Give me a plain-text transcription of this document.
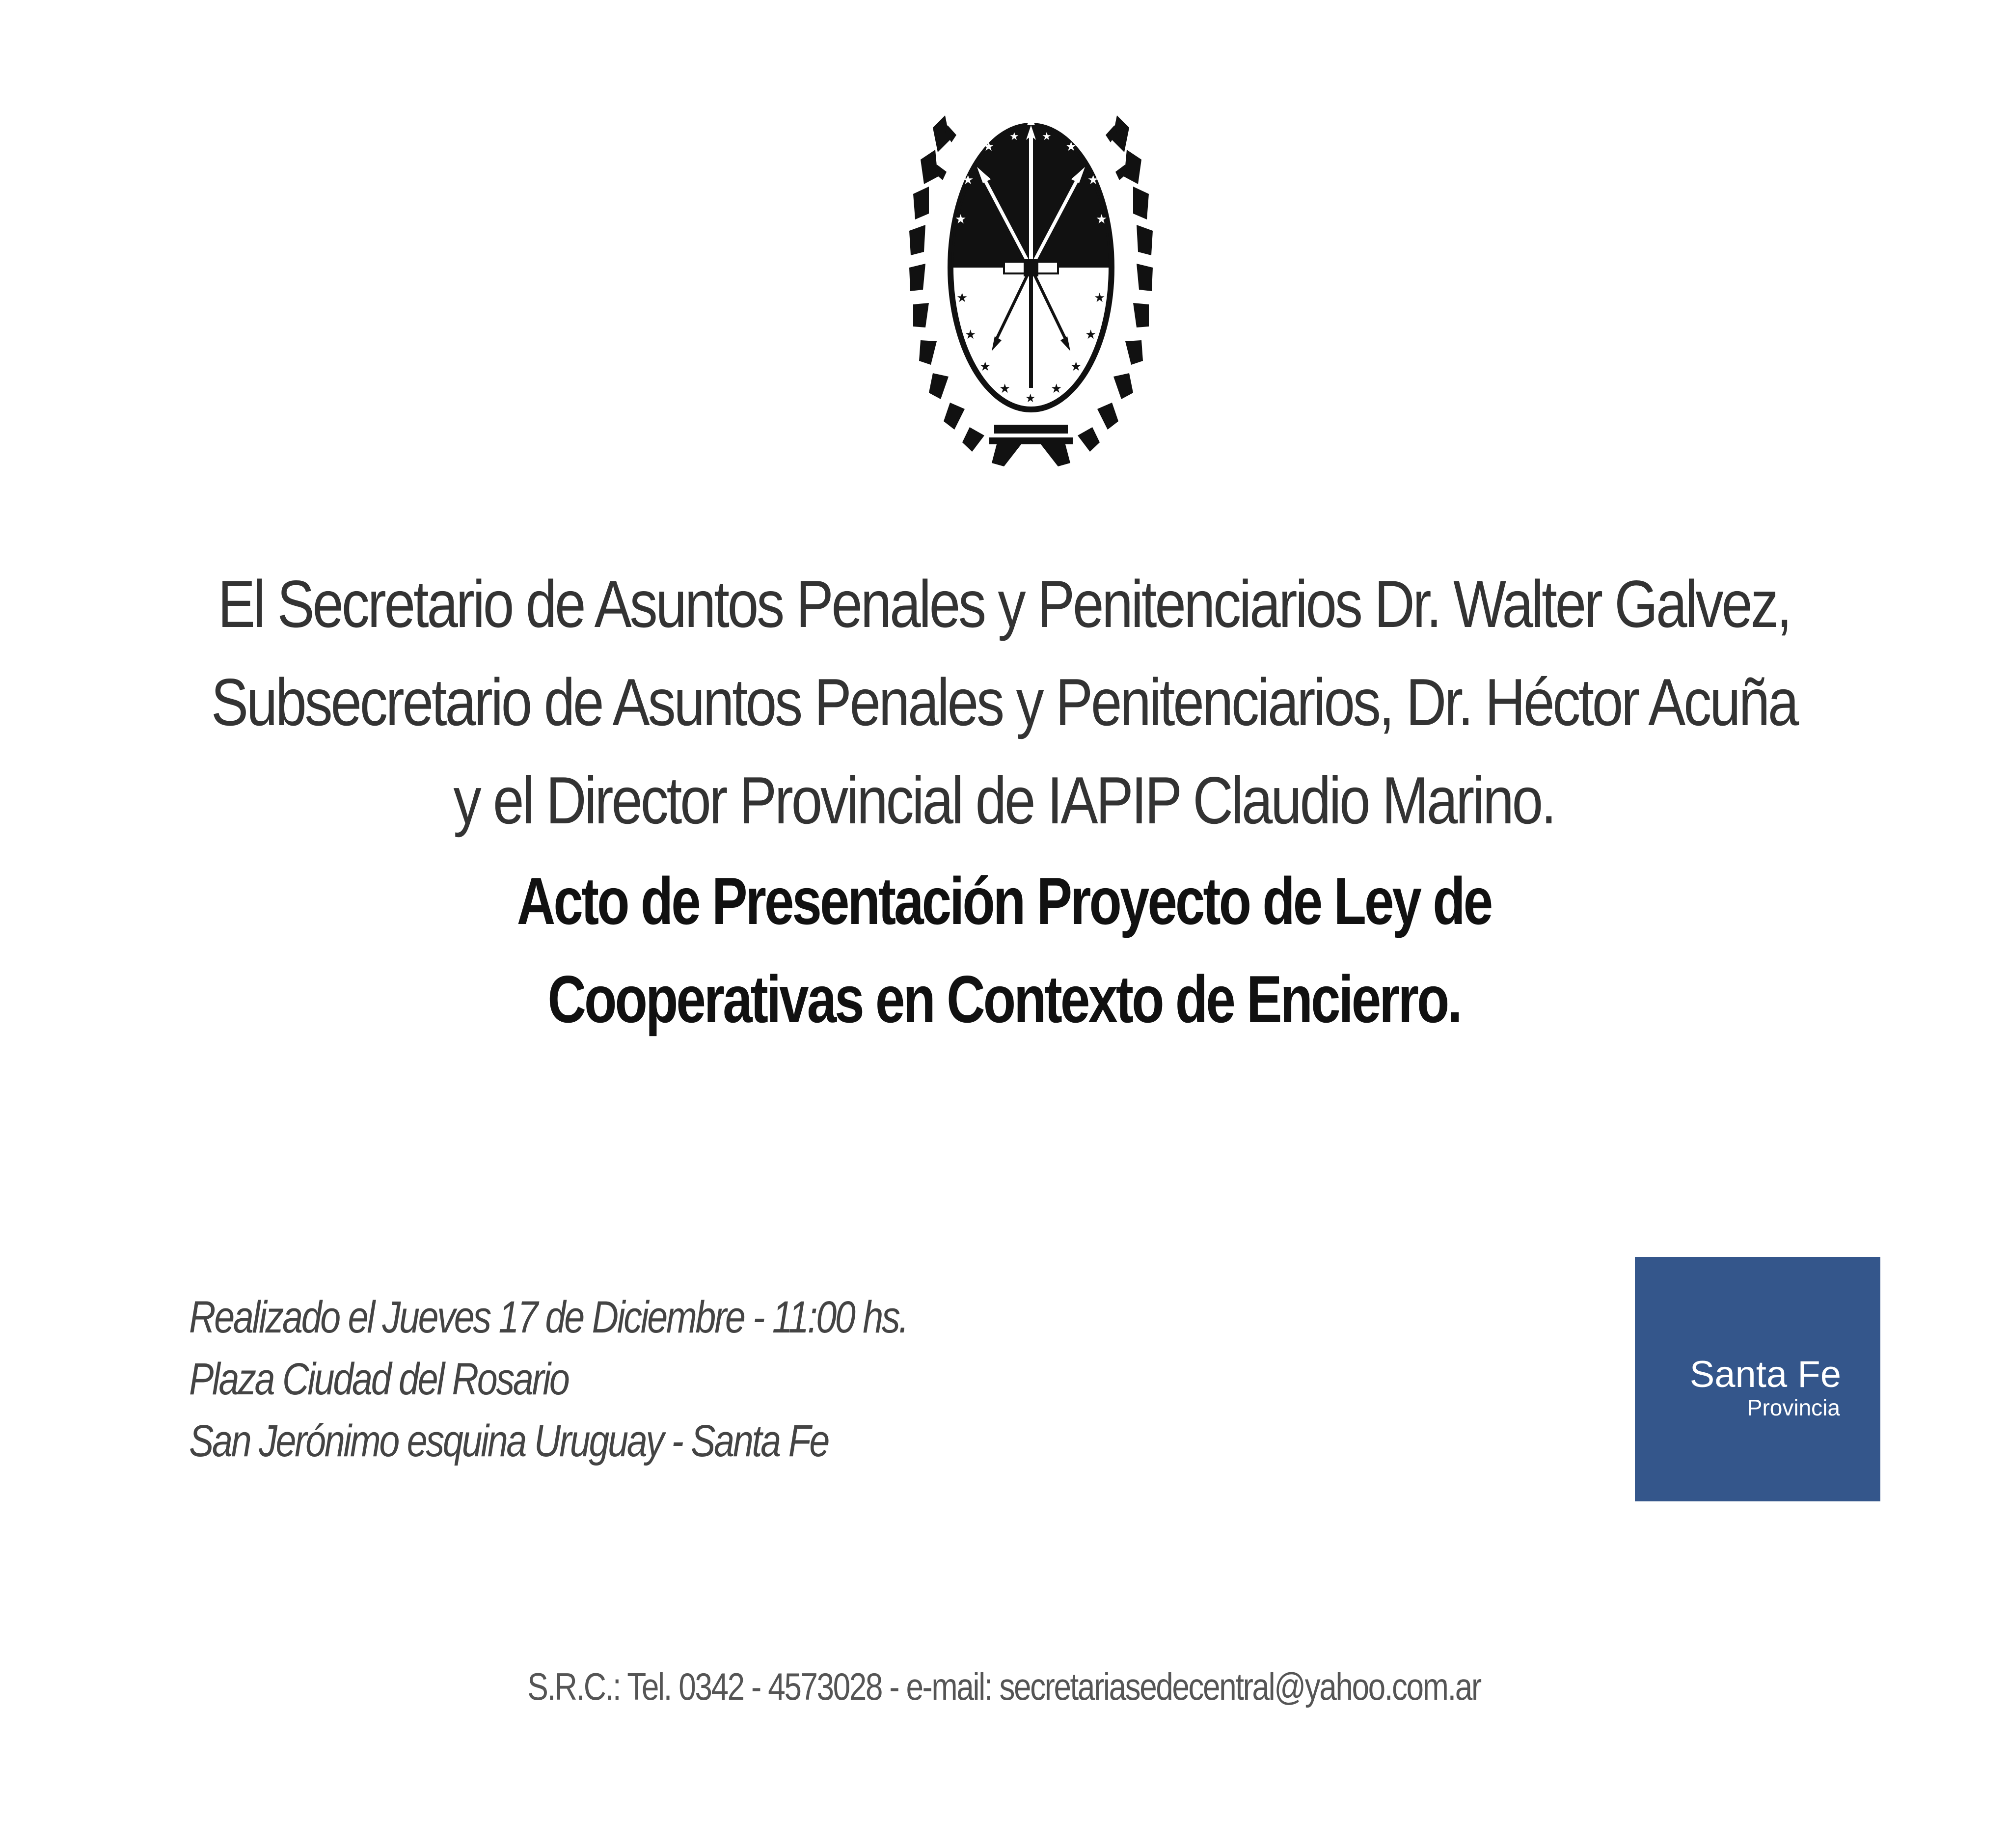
★	★
★	★
★	★
★ ★
★	★
★	★
★	★
★	★
★
El Secretario de Asuntos Penales y Penitenciarios Dr. Walter Galvez,
Subsecretario de Asuntos Penales y Penitenciarios, Dr. Héctor Acuña
y el Director Provincial de IAPIP Claudio Marino.
Acto de Presentación Proyecto de Ley de
Cooperativas en Contexto de Encierro.
Realizado el Jueves 17 de Diciembre - 11:00 hs.
Plaza Ciudad del Rosario
San Jerónimo esquina Uruguay - Santa Fe
Santa Fe
Provincia
S.R.C.: Tel. 0342 - 4573028 - e-mail: secretariasedecentral@yahoo.com.ar
